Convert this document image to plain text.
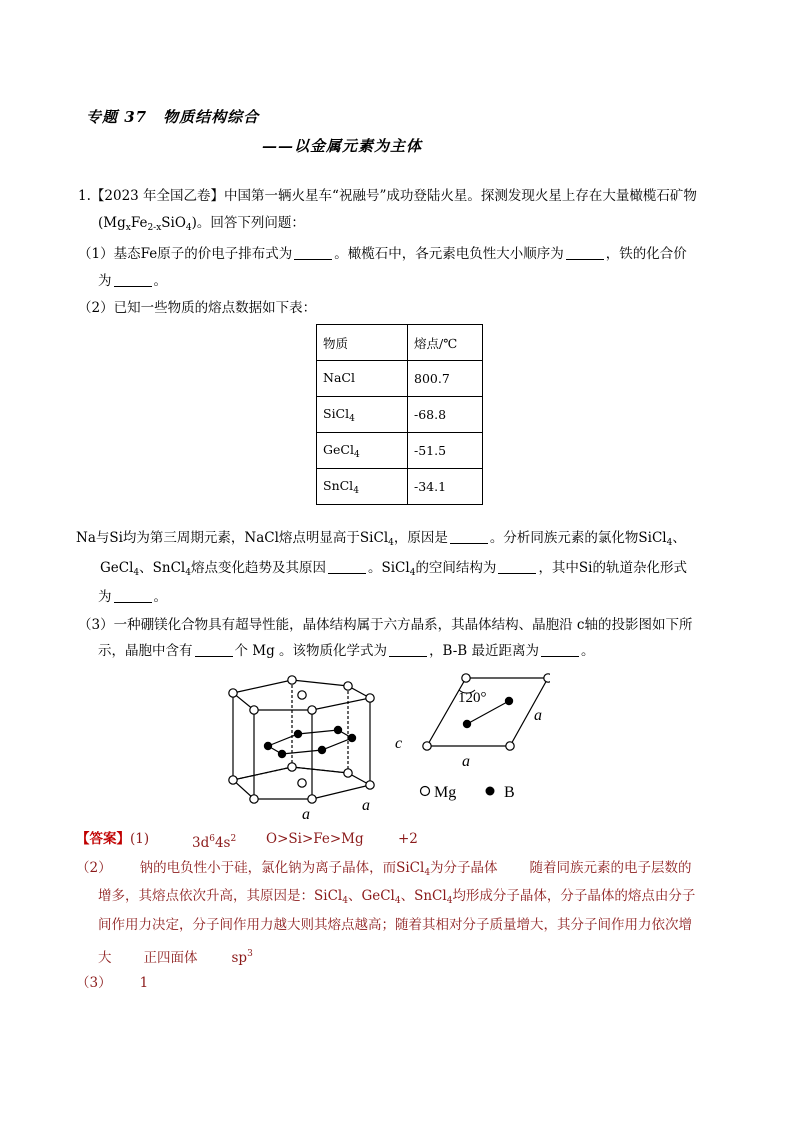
专题 37　物质结构综合
——以金属元素为主体
1.【2023 年全国乙卷】中国第一辆火星车“祝融号”成功登陆火星。探测发现火星上存在大量橄榄石矿物
$(Mg_xFe_{2-x}SiO_4)$。回答下列问题：
（1）基态Fe原子的价电子排布式为	。橄榄石中，各元素电负性大小顺序为	，铁的化合价
为	。
（2）已知一些物质的熔点数据如下表：
物质	熔点/℃
NaCl	800.7
SiCl$_4$	-68.8
GeCl$_4$	-51.5
SnCl$_4$	-34.1
Na与Si均为第三周期元素，NaCl熔点明显高于SiCl$_4$，原因是	。分析同族元素的氯化物SiCl$_4$、
GeCl$_4$、SnCl$_4$熔点变化趋势及其原因	。SiCl$_4$的空间结构为	，其中Si的轨道杂化形式
为	。
（3）一种硼镁化合物具有超导性能，晶体结构属于六方晶系，其晶体结构、晶胞沿 c轴的投影图如下所
示，晶胞中含有	个 Mg 。该物质化学式为	，B-B 最近距离为	。
c
a
a
a
a
120°
Mg	B
【答案】(1)	$3d^64s^2$ O>Si>Fe>Mg	+2
（2） 钠的电负性小于硅，氯化钠为离子晶体，而SiCl$_4$为分子晶体 随着同族元素的电子层数的
增多，其熔点依次升高，其原因是：SiCl$_4$、GeCl$_4$、SnCl$_4$均形成分子晶体，分子晶体的熔点由分子
间作用力决定，分子间作用力越大则其熔点越高；随着其相对分子质量增大，其分子间作用力依次增
大 正四面体	$sp^3$
（3） 1
